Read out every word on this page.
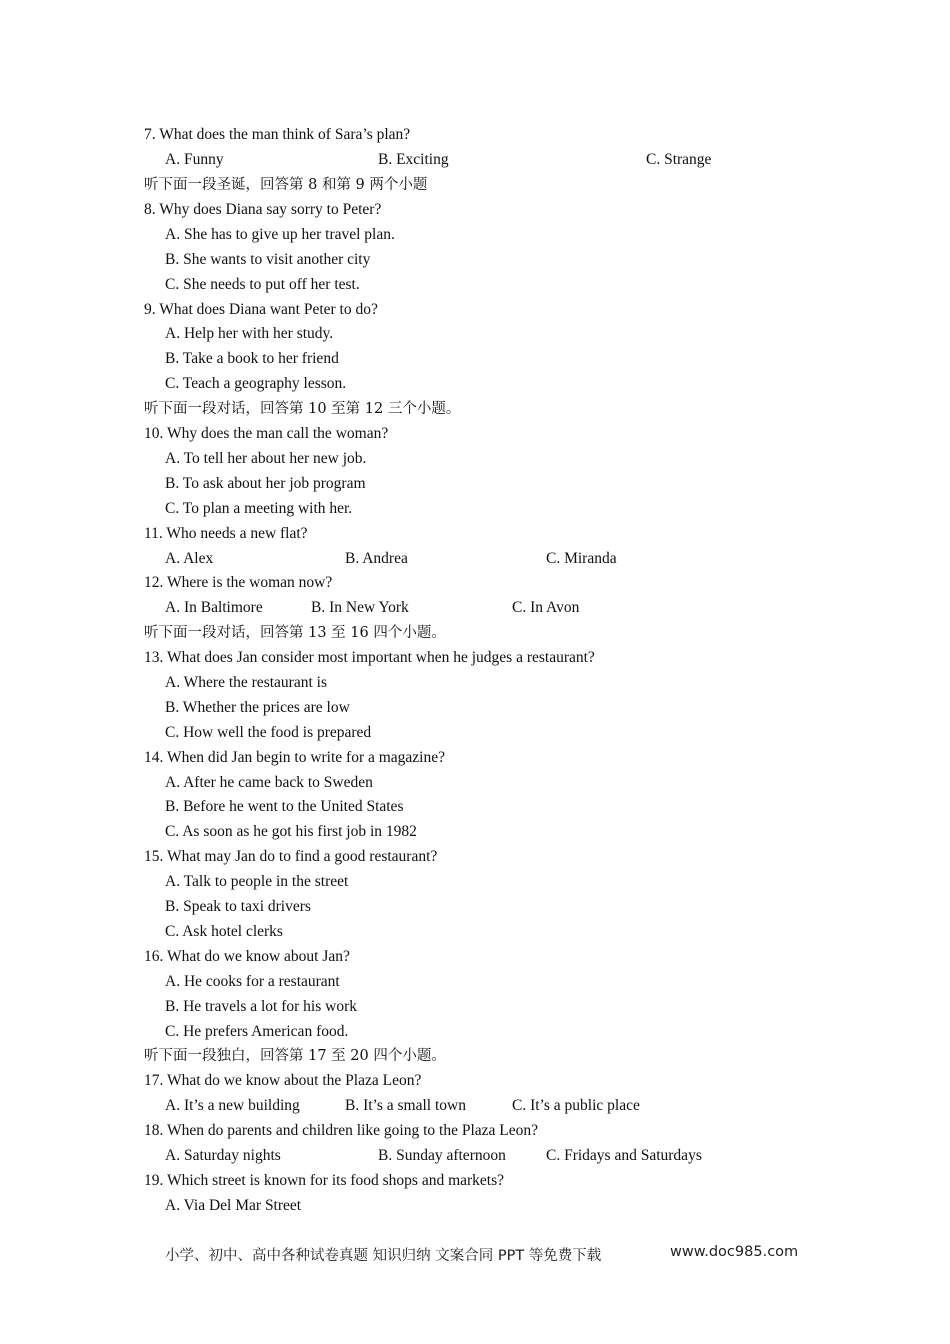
7. What does the man think of Sara’s plan?
A. Funny	B. Exciting	C. Strange
听下面一段圣诞，回答第 8 和第 9 两个小题
8. Why does Diana say sorry to Peter?
A. She has to give up her travel plan.
B. She wants to visit another city
C. She needs to put off her test.
9. What does Diana want Peter to do?
A. Help her with her study.
B. Take a book to her friend
C. Teach a geography lesson.
听下面一段对话，回答第 10 至第 12 三个小题。
10. Why does the man call the woman?
A. To tell her about her new job.
B. To ask about her job program
C. To plan a meeting with her.
11. Who needs a new flat?
A. Alex	B. Andrea	C. Miranda
12. Where is the woman now?
A. In Baltimore	B. In New York	C. In Avon
听下面一段对话，回答第 13 至 16 四个小题。
13. What does Jan consider most important when he judges a restaurant?
A. Where the restaurant is
B. Whether the prices are low
C. How well the food is prepared
14. When did Jan begin to write for a magazine?
A. After he came back to Sweden
B. Before he went to the United States
C. As soon as he got his first job in 1982
15. What may Jan do to find a good restaurant?
A. Talk to people in the street
B. Speak to taxi drivers
C. Ask hotel clerks
16. What do we know about Jan?
A. He cooks for a restaurant
B. He travels a lot for his work
C. He prefers American food.
听下面一段独白，回答第 17 至 20 四个小题。
17. What do we know about the Plaza Leon?
A. It’s a new building	B. It’s a small town	C. It’s a public place
18. When do parents and children like going to the Plaza Leon?
A. Saturday nights	B. Sunday afternoon	C. Fridays and Saturdays
19. Which street is known for its food shops and markets?
A. Via Del Mar Street
小学、初中、高中各种试卷真题 知识归纳 文案合同 PPT 等免费下载	www.doc985.com
